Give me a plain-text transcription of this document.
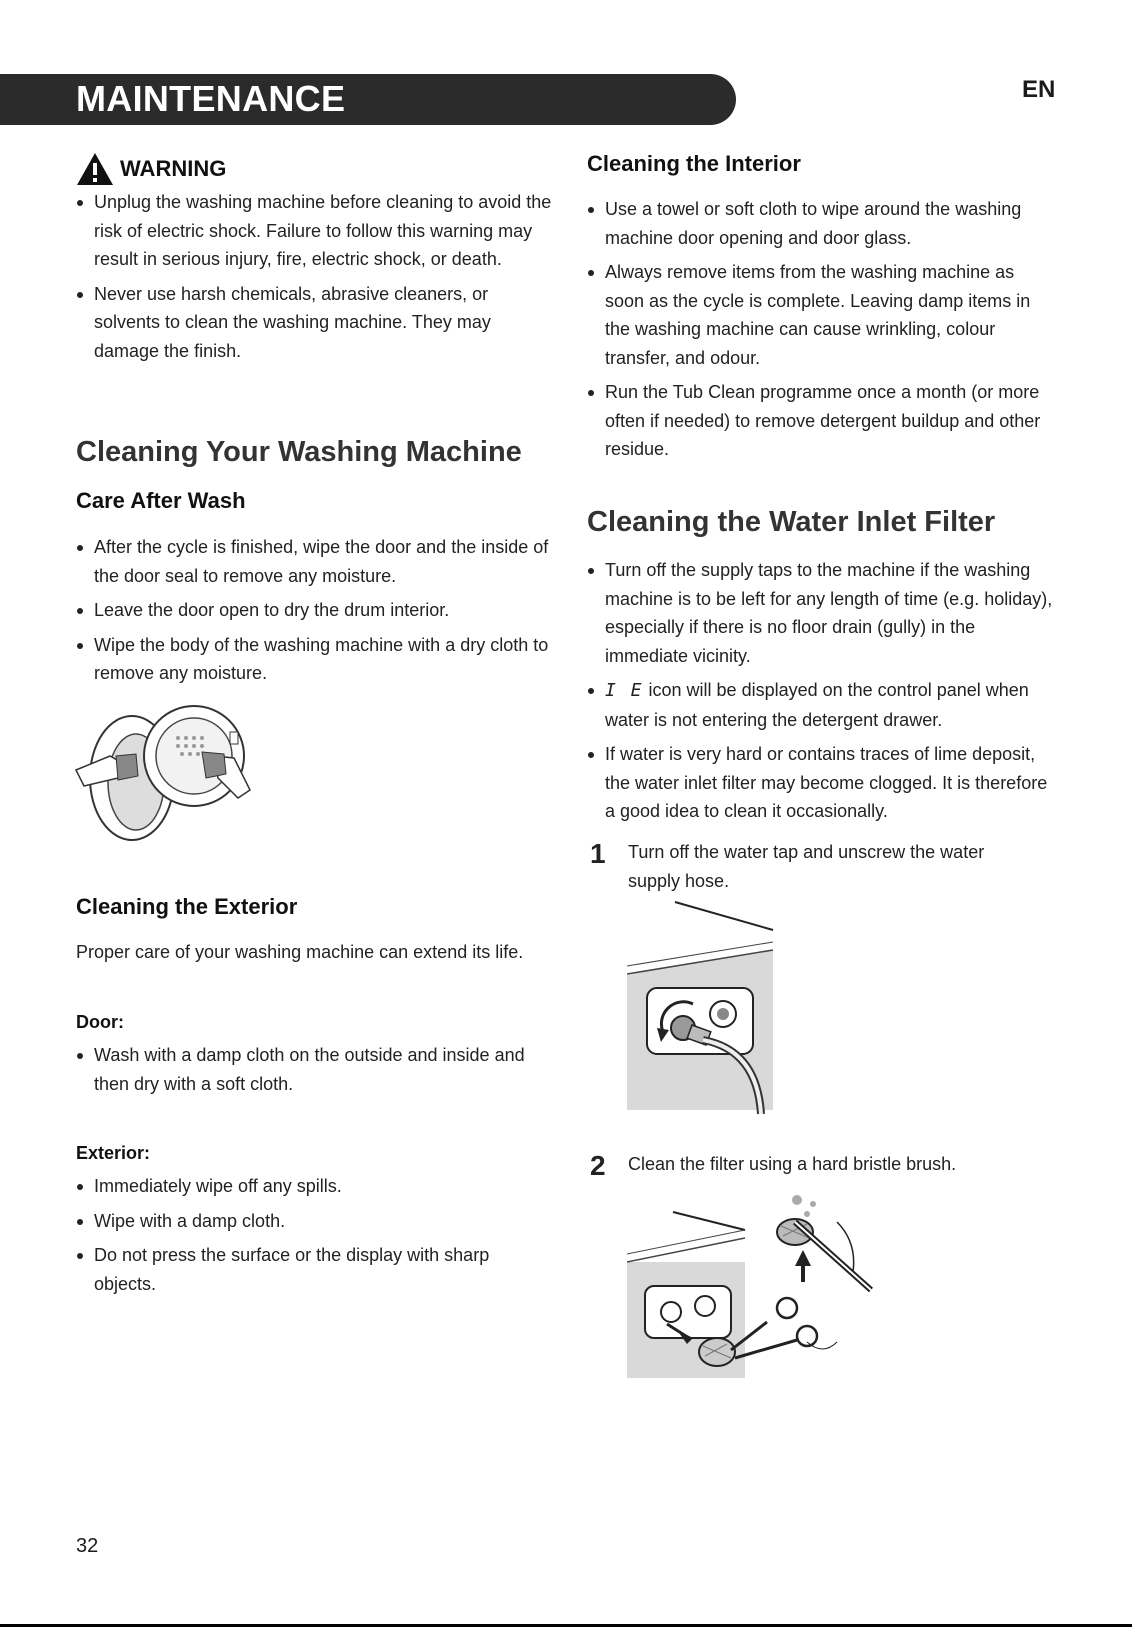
MAINTENANCE	EN
WARNING
Unplug the washing machine before cleaning to avoid the risk of electric shock. Failure to follow this warning may result in serious injury, fire, electric shock, or death.
Never use harsh chemicals, abrasive cleaners, or solvents to clean the washing machine. They may damage the finish.
Cleaning Your Washing Machine
Care After Wash
After the cycle is finished, wipe the door and the inside of the door seal to remove any moisture.
Leave the door open to dry the drum interior.
Wipe the body of the washing machine with a dry cloth to remove any moisture.
Cleaning the Exterior
Proper care of your washing machine can extend its life.
Door:
Wash with a damp cloth on the outside and inside and then dry with a soft cloth.
Exterior:
Immediately wipe off any spills.
Wipe with a damp cloth.
Do not press the surface or the display with sharp objects.
Cleaning the Interior
Use a towel or soft cloth to wipe around the washing machine door opening and door glass.
Always remove items from the washing machine as soon as the cycle is complete. Leaving damp items in the washing machine can cause wrinkling, colour transfer, and odour.
Run the Tub Clean programme once a month (or more often if needed) to remove detergent buildup and other residue.
Cleaning the Water Inlet Filter
Turn off the supply taps to the machine if the washing machine is to be left for any length of time (e.g. holiday), especially if there is no floor drain (gully) in the immediate vicinity.
I E icon will be displayed on the control panel when water is not entering the detergent drawer.
If water is very hard or contains traces of lime deposit, the water inlet filter may become clogged. It is therefore a good idea to clean it occasionally.
1 Turn off the water tap and unscrew the water supply hose.
2 Clean the filter using a hard bristle brush.
32
